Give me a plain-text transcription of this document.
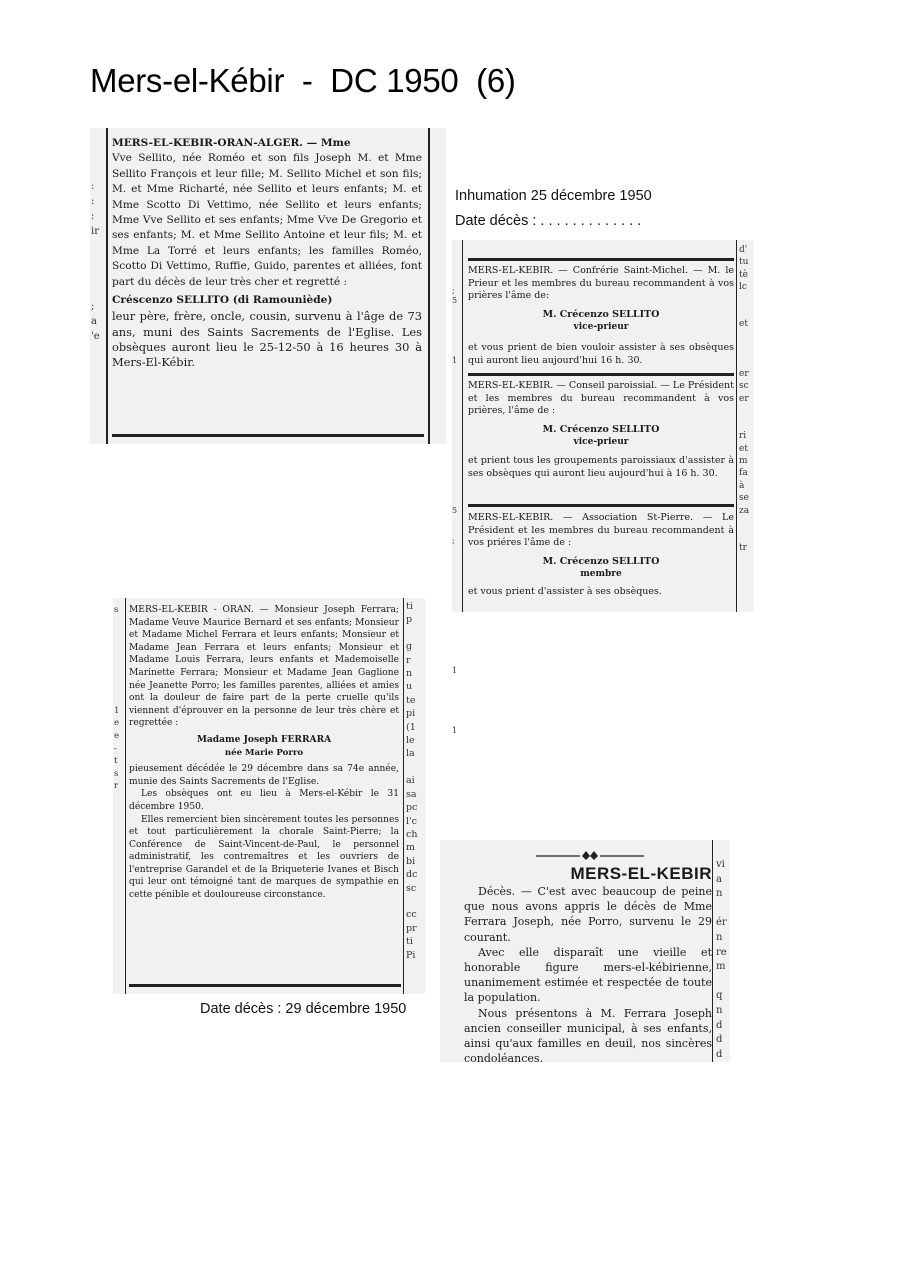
Mers-el-Kébir  -  DC 1950  (6)

:
:
:
ir

;
a
'e

MERS-EL-KEBIR-ORAN-ALGER. — Mme

Vve Sellito, née Roméo et son fils Joseph M. et Mme Sellito François et leur fille; M. Sellito Michel et son fils; M. et Mme Richarté, née Sellito et leurs enfants; M. et Mme Scotto Di Vettimo, née Sellito et leurs enfants; Mme Vve Sellito et ses enfants; Mme Vve De Gregorio et ses enfants; M. et Mme Sellito Antoine et leur fils; M. et Mme La Torré et leurs enfants; les familles Roméo, Scotto Di Vettimo, Ruffie, Guido, parentes et alliées, font part du décès de leur très cher et regretté :

Créscenzo SELLITO (di Ramouniède)

leur père, frère, oncle, cousin, survenu à l'âge de 73 ans, muni des Saints Sacrements de l'Eglise. Les obsèques auront lieu le 25-12-50 à 16 heures 30 à Mers-El-Kébir.

Inhumation 25 décembre 1950
Date décès : . . . . . . . . . . . . .

;
5

1

5

;

1

1
d'
tu
tè
lc

et

er
sc
er

ri
et
m
fa
à
se
za

tr

MERS-EL-KEBIR. — Confrérie Saint-Michel. — M. le Prieur et les membres du bureau recommandent à vos prières l'âme de:

M. Crécenzo SELLITO

vice-prieur

et vous prient de bien vouloir assister à ses obsèques qui auront lieu aujourd'hui 16 h. 30.

MERS-EL-KEBIR. — Conseil paroissial. — Le Président et les membres du bureau recommandent à vos prières, l'âme de :

M. Crécenzo SELLITO

vice-prieur

et prient tous les groupements paroissiaux d'assister à ses obsèques qui auront lieu aujourd'hui à 16 h. 30.

MERS-EL-KEBIR. — Association St-Pierre. — Le Président et les membres du bureau recommandent à vos priéres l'âme de :

M. Crécenzo SELLITO

membre

et vous prient d'assister à ses obsèques.

s

1
e
e
-
t
s
r
ti
p

g
r
n
u
te
pi
(1
le
la

ai
sa
pc
l'c
ch
m
bi
dc
sc

cc
pr
ti
Pi

MERS-EL-KEBIR - ORAN. — Monsieur Joseph Ferrara; Madame Veuve Maurice Bernard et ses enfants; Monsieur et Madame Michel Ferrara et leurs enfants; Monsieur et Madame Jean Ferrara et leurs enfants; Monsieur et Madame Louis Ferrara, leurs enfants et Mademoiselle Marinette Ferrara; Monsieur et Madame Jean Gaglione née Jeanette Porro; les familles parentes, alliées et amies ont la douleur de faire part de la perte cruelle qu'ils viennent d'éprouver en la personne de leur très chère et regrettée :

Madame Joseph FERRARA

née Marie Porro

pieusement décédée le 29 décembre dans sa 74e année, munie des Saints Sacrements de l'Eglise.

Les obsèques ont eu lieu à Mers-el-Kébir le 31 décembre 1950.

Elles remercient bien sincèrement toutes les personnes et tout particulièrement la chorale Saint-Pierre; la Conférence de Saint-Vincent-de-Paul, le personnel administratif, les contremaîtres et les ouvriers de l'entreprise Garandel et de la Briqueterie Ivanes et Bisch qui leur ont témoigné tant de marques de sympathie en cette pénible et douloureuse circonstance.

Date décès : 29 décembre 1950
vi
a
n

ér
n
re
m

q
n
d
d
d
MERS-EL-KEBIR

Décès. — C'est avec beaucoup de peine que nous avons appris le décès de Mme Ferrara Joseph, née Porro, survenu le 29 courant.

Avec elle disparaît une vieille et honorable figure mers-el-kébirienne, unanimement estimée et respectée de toute la population.

Nous présentons à M. Ferrara Joseph ancien conseiller municipal, à ses enfants, ainsi qu'aux familles en deuil, nos sincères condoléances.
